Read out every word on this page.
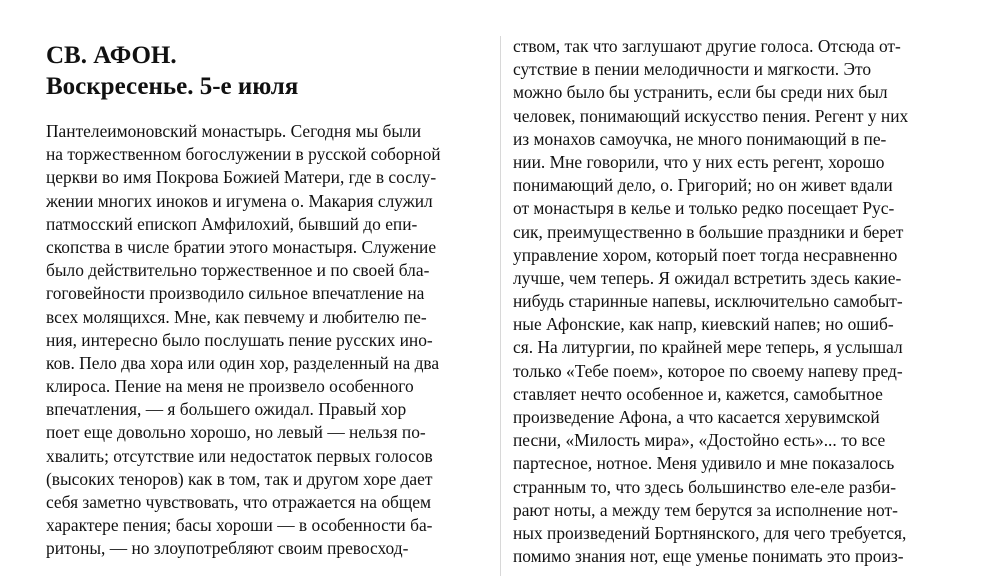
СВ. АФОН.
Воскресенье. 5-е июля
Пантелеимоновский монастырь. Сегодня мы были
на торжественном богослужении в русской соборной
церкви во имя Покрова Божией Матери, где в сослу-
жении многих иноков и игумена о. Макария служил
патмосский епископ Амфилохий, бывший до епи-
скопства в числе братии этого монастыря. Служение
было действительно торжественное и по своей бла-
гоговейности производило сильное впечатление на
всех молящихся. Мне, как певчему и любителю пе-
ния, интересно было послушать пение русских ино-
ков. Пело два хора или один хор, разделенный на два
клироса. Пение на меня не произвело особенного
впечатления, — я большего ожидал. Правый хор
поет еще довольно хорошо, но левый — нельзя по-
хвалить; отсутствие или недостаток первых голосов
(высоких теноров) как в том, так и другом хоре дает
себя заметно чувствовать, что отражается на общем
характере пения; басы хороши — в особенности ба-
ритоны, — но злоупотребляют своим превосход-
ством, так что заглушают другие голоса. Отсюда от-
сутствие в пении мелодичности и мягкости. Это
можно было бы устранить, если бы среди них был
человек, понимающий искусство пения. Регент у них
из монахов самоучка, не много понимающий в пе-
нии. Мне говорили, что у них есть регент, хорошо
понимающий дело, о. Григорий; но он живет вдали
от монастыря в келье и только редко посещает Рус-
сик, преимущественно в большие праздники и берет
управление хором, который поет тогда несравненно
лучше, чем теперь. Я ожидал встретить здесь какие-
нибудь старинные напевы, исключительно самобыт-
ные Афонские, как напр, киевский напев; но ошиб-
ся. На литургии, по крайней мере теперь, я услышал
только «Тебе поем», которое по своему напеву пред-
ставляет нечто особенное и, кажется, самобытное
произведение Афона, а что касается херувимской
песни, «Милость мира», «Достойно есть»... то все
партесное, нотное. Меня удивило и мне показалось
странным то, что здесь большинство еле-еле разби-
рают ноты, а между тем берутся за исполнение нот-
ных произведений Бортнянского, для чего требуется,
помимо знания нот, еще уменье понимать это произ-
